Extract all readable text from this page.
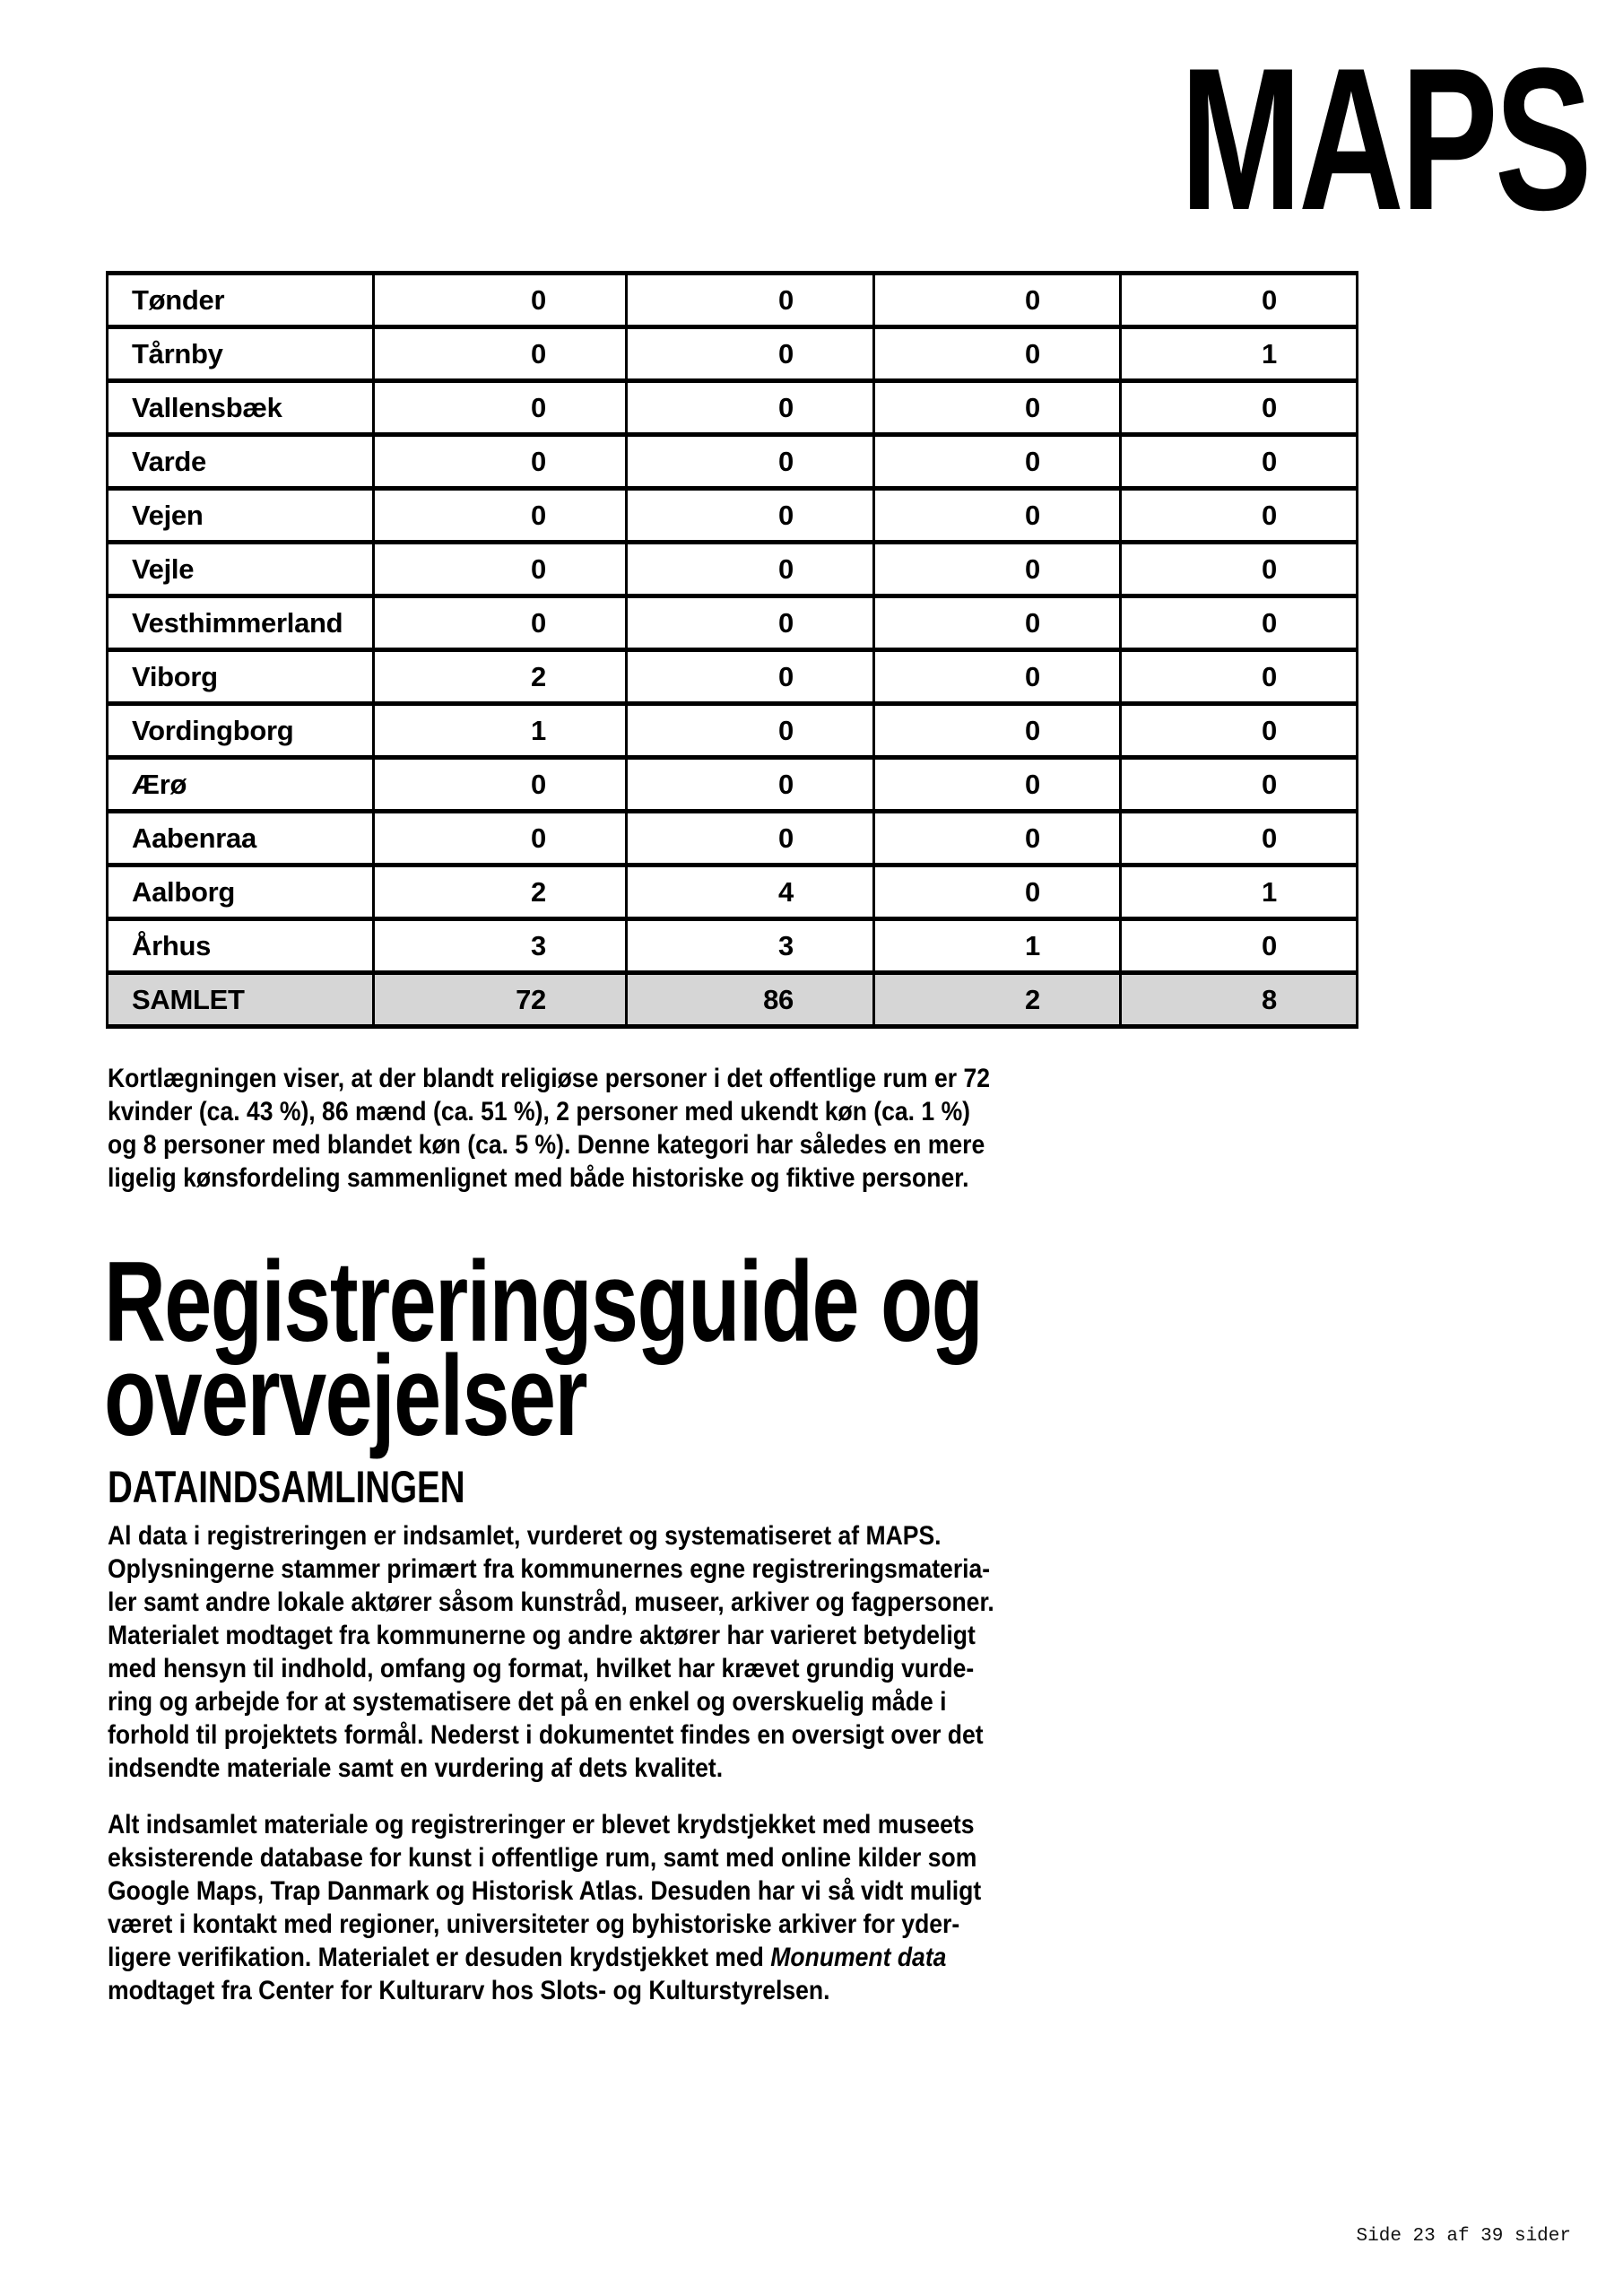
MAPS
Tønder	0	0	0	0
Tårnby	0	0	0	1
Vallensbæk	0	0	0	0
Varde	0	0	0	0
Vejen	0	0	0	0
Vejle	0	0	0	0
Vesthimmerland	0	0	0	0
Viborg	2	0	0	0
Vordingborg	1	0	0	0
Ærø	0	0	0	0
Aabenraa	0	0	0	0
Aalborg	2	4	0	1
Århus	3	3	1	0
SAMLET	72	86	2	8
Kortlægningen viser, at der blandt religiøse personer i det offentlige rum er 72
kvinder (ca. 43 %), 86 mænd (ca. 51 %), 2 personer med ukendt køn (ca. 1 %)
og 8 personer med blandet køn (ca. 5 %). Denne kategori har således en mere
ligelig kønsfordeling sammenlignet med både historiske og fiktive personer.
Registreringsguide og
overvejelser
DATAINDSAMLINGEN
Al data i registreringen er indsamlet, vurderet og systematiseret af MAPS.
Oplysningerne stammer primært fra kommunernes egne registreringsmateria-
ler samt andre lokale aktører såsom kunstråd, museer, arkiver og fagpersoner.
Materialet modtaget fra kommunerne og andre aktører har varieret betydeligt
med hensyn til indhold, omfang og format, hvilket har krævet grundig vurde-
ring og arbejde for at systematisere det på en enkel og overskuelig måde i
forhold til projektets formål. Nederst i dokumentet findes en oversigt over det
indsendte materiale samt en vurdering af dets kvalitet.
Alt indsamlet materiale og registreringer er blevet krydstjekket med museets
eksisterende database for kunst i offentlige rum, samt med online kilder som
Google Maps, Trap Danmark og Historisk Atlas. Desuden har vi så vidt muligt
været i kontakt med regioner, universiteter og byhistoriske arkiver for yder-
ligere verifikation. Materialet er desuden krydstjekket med Monument data
modtaget fra Center for Kulturarv hos Slots- og Kulturstyrelsen.
Side 23 af 39 sider
